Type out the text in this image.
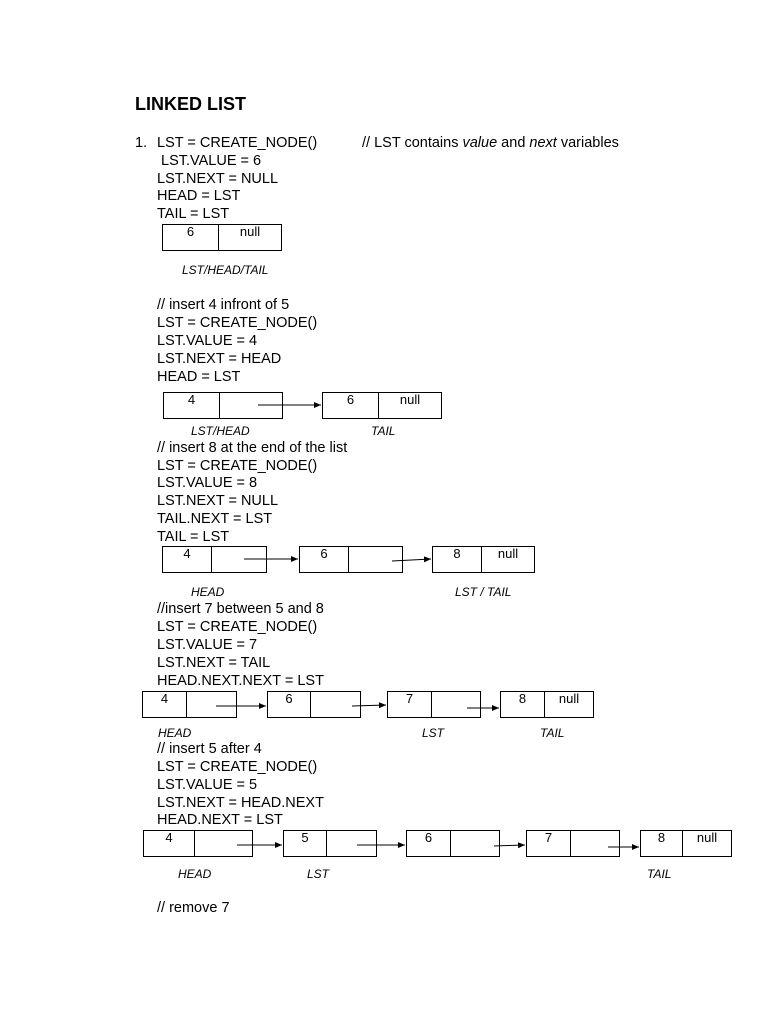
LINKED LIST
1. LST = CREATE_NODE()	// LST contains value and next variables
LST.VALUE = 6
LST.NEXT = NULL
HEAD = LST
TAIL = LST
6	null
LST/HEAD/TAIL
// insert 4 infront of 5
LST = CREATE_NODE()
LST.VALUE = 4
LST.NEXT = HEAD
HEAD = LST
4	6	null
LST/HEAD	TAIL
// insert 8 at the end of the list
LST = CREATE_NODE()
LST.VALUE = 8
LST.NEXT = NULL
TAIL.NEXT = LST
TAIL = LST
4	6	8	null
HEAD	LST / TAIL
//insert 7 between 5 and 8
LST = CREATE_NODE()
LST.VALUE = 7
LST.NEXT = TAIL
HEAD.NEXT.NEXT = LST
4	6	7	8	null
HEAD	LST	TAIL
// insert 5 after 4
LST = CREATE_NODE()
LST.VALUE = 5
LST.NEXT = HEAD.NEXT
HEAD.NEXT = LST
4	5	6	7	8	null
HEAD	LST	TAIL
// remove 7
